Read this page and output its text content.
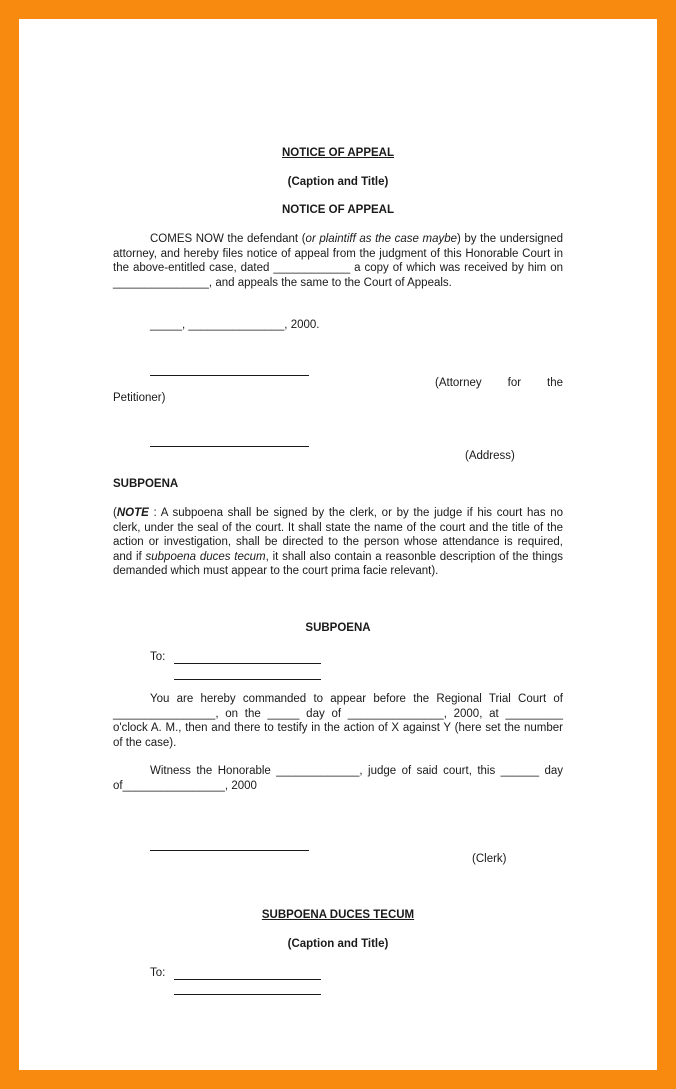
NOTICE OF APPEAL
(Caption and Title)
NOTICE OF APPEAL
COMES NOW the defendant (or plaintiff as the case maybe) by the undersigned attorney, and hereby files notice of appeal from the judgment of this Honorable Court in the above-entitled case, dated ____________ a copy of which was received by him on _______________, and appeals the same to the Court of Appeals.
_____, _______________, 2000.
(Attorney for the Petitioner)
(Address)
SUBPOENA
(NOTE : A subpoena shall be signed by the clerk, or by the judge if his court has no clerk, under the seal of the court. It shall state the name of the court and the title of the action or investigation, shall be directed to the person whose attendance is required, and if subpoena duces tecum, it shall also contain a reasonble description of the things demanded which must appear to the court prima facie relevant).
SUBPOENA
To:
You are hereby commanded to appear before the Regional Trial Court of ________________, on the _____ day of _______________, 2000, at _________ o'clock A. M., then and there to testify in the action of X against Y (here set the number of the case).
Witness the Honorable _____________, judge of said court, this ______ day of________________, 2000
(Clerk)
SUBPOENA DUCES TECUM
(Caption and Title)
To:
